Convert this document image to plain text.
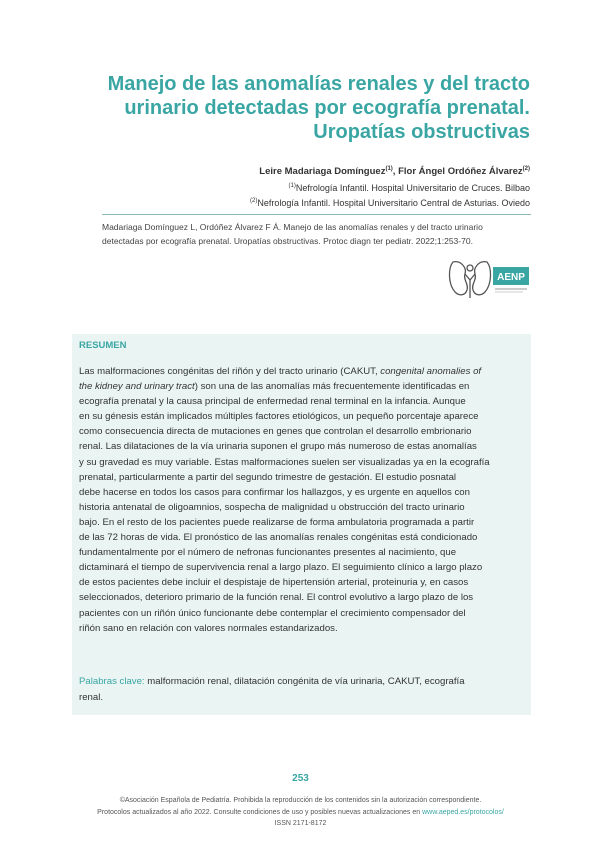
Manejo de las anomalías renales y del tracto
urinario detectadas por ecografía prenatal.
Uropatías obstructivas
Leire Madariaga Domínguez$^{(1)}$, Flor Ángel Ordóñez Álvarez$^{(2)}$
$^{(1)}$Nefrología Infantil. Hospital Universitario de Cruces. Bilbao
$^{(2)}$Nefrología Infantil. Hospital Universitario Central de Asturias. Oviedo
Madariaga Domínguez L, Ordóñez Álvarez F Á. Manejo de las anomalías renales y del tracto urinario
detectadas por ecografía prenatal. Uropatías obstructivas. Protoc diagn ter pediatr. 2022;1:253-70.
AENP
RESUMEN
Las malformaciones congénitas del riñón y del tracto urinario (CAKUT, congenital anomalies of
the kidney and urinary tract) son una de las anomalías más frecuentemente identificadas en
ecografía prenatal y la causa principal de enfermedad renal terminal en la infancia. Aunque
en su génesis están implicados múltiples factores etiológicos, un pequeño porcentaje aparece
como consecuencia directa de mutaciones en genes que controlan el desarrollo embrionario
renal. Las dilataciones de la vía urinaria suponen el grupo más numeroso de estas anomalías
y su gravedad es muy variable. Estas malformaciones suelen ser visualizadas ya en la ecografía
prenatal, particularmente a partir del segundo trimestre de gestación. El estudio posnatal
debe hacerse en todos los casos para confirmar los hallazgos, y es urgente en aquellos con
historia antenatal de oligoamnios, sospecha de malignidad u obstrucción del tracto urinario
bajo. En el resto de los pacientes puede realizarse de forma ambulatoria programada a partir
de las 72 horas de vida. El pronóstico de las anomalías renales congénitas está condicionado
fundamentalmente por el número de nefronas funcionantes presentes al nacimiento, que
dictaminará el tiempo de supervivencia renal a largo plazo. El seguimiento clínico a largo plazo
de estos pacientes debe incluir el despistaje de hipertensión arterial, proteinuria y, en casos
seleccionados, deterioro primario de la función renal. El control evolutivo a largo plazo de los
pacientes con un riñón único funcionante debe contemplar el crecimiento compensador del
riñón sano en relación con valores normales estandarizados.
Palabras clave: malformación renal, dilatación congénita de vía urinaria, CAKUT, ecografía
renal.
253
©Asociación Española de Pediatría. Prohibida la reproducción de los contenidos sin la autorización correspondiente.
Protocolos actualizados al año 2022. Consulte condiciones de uso y posibles nuevas actualizaciones en www.aeped.es/protocolos/
ISSN 2171-8172
